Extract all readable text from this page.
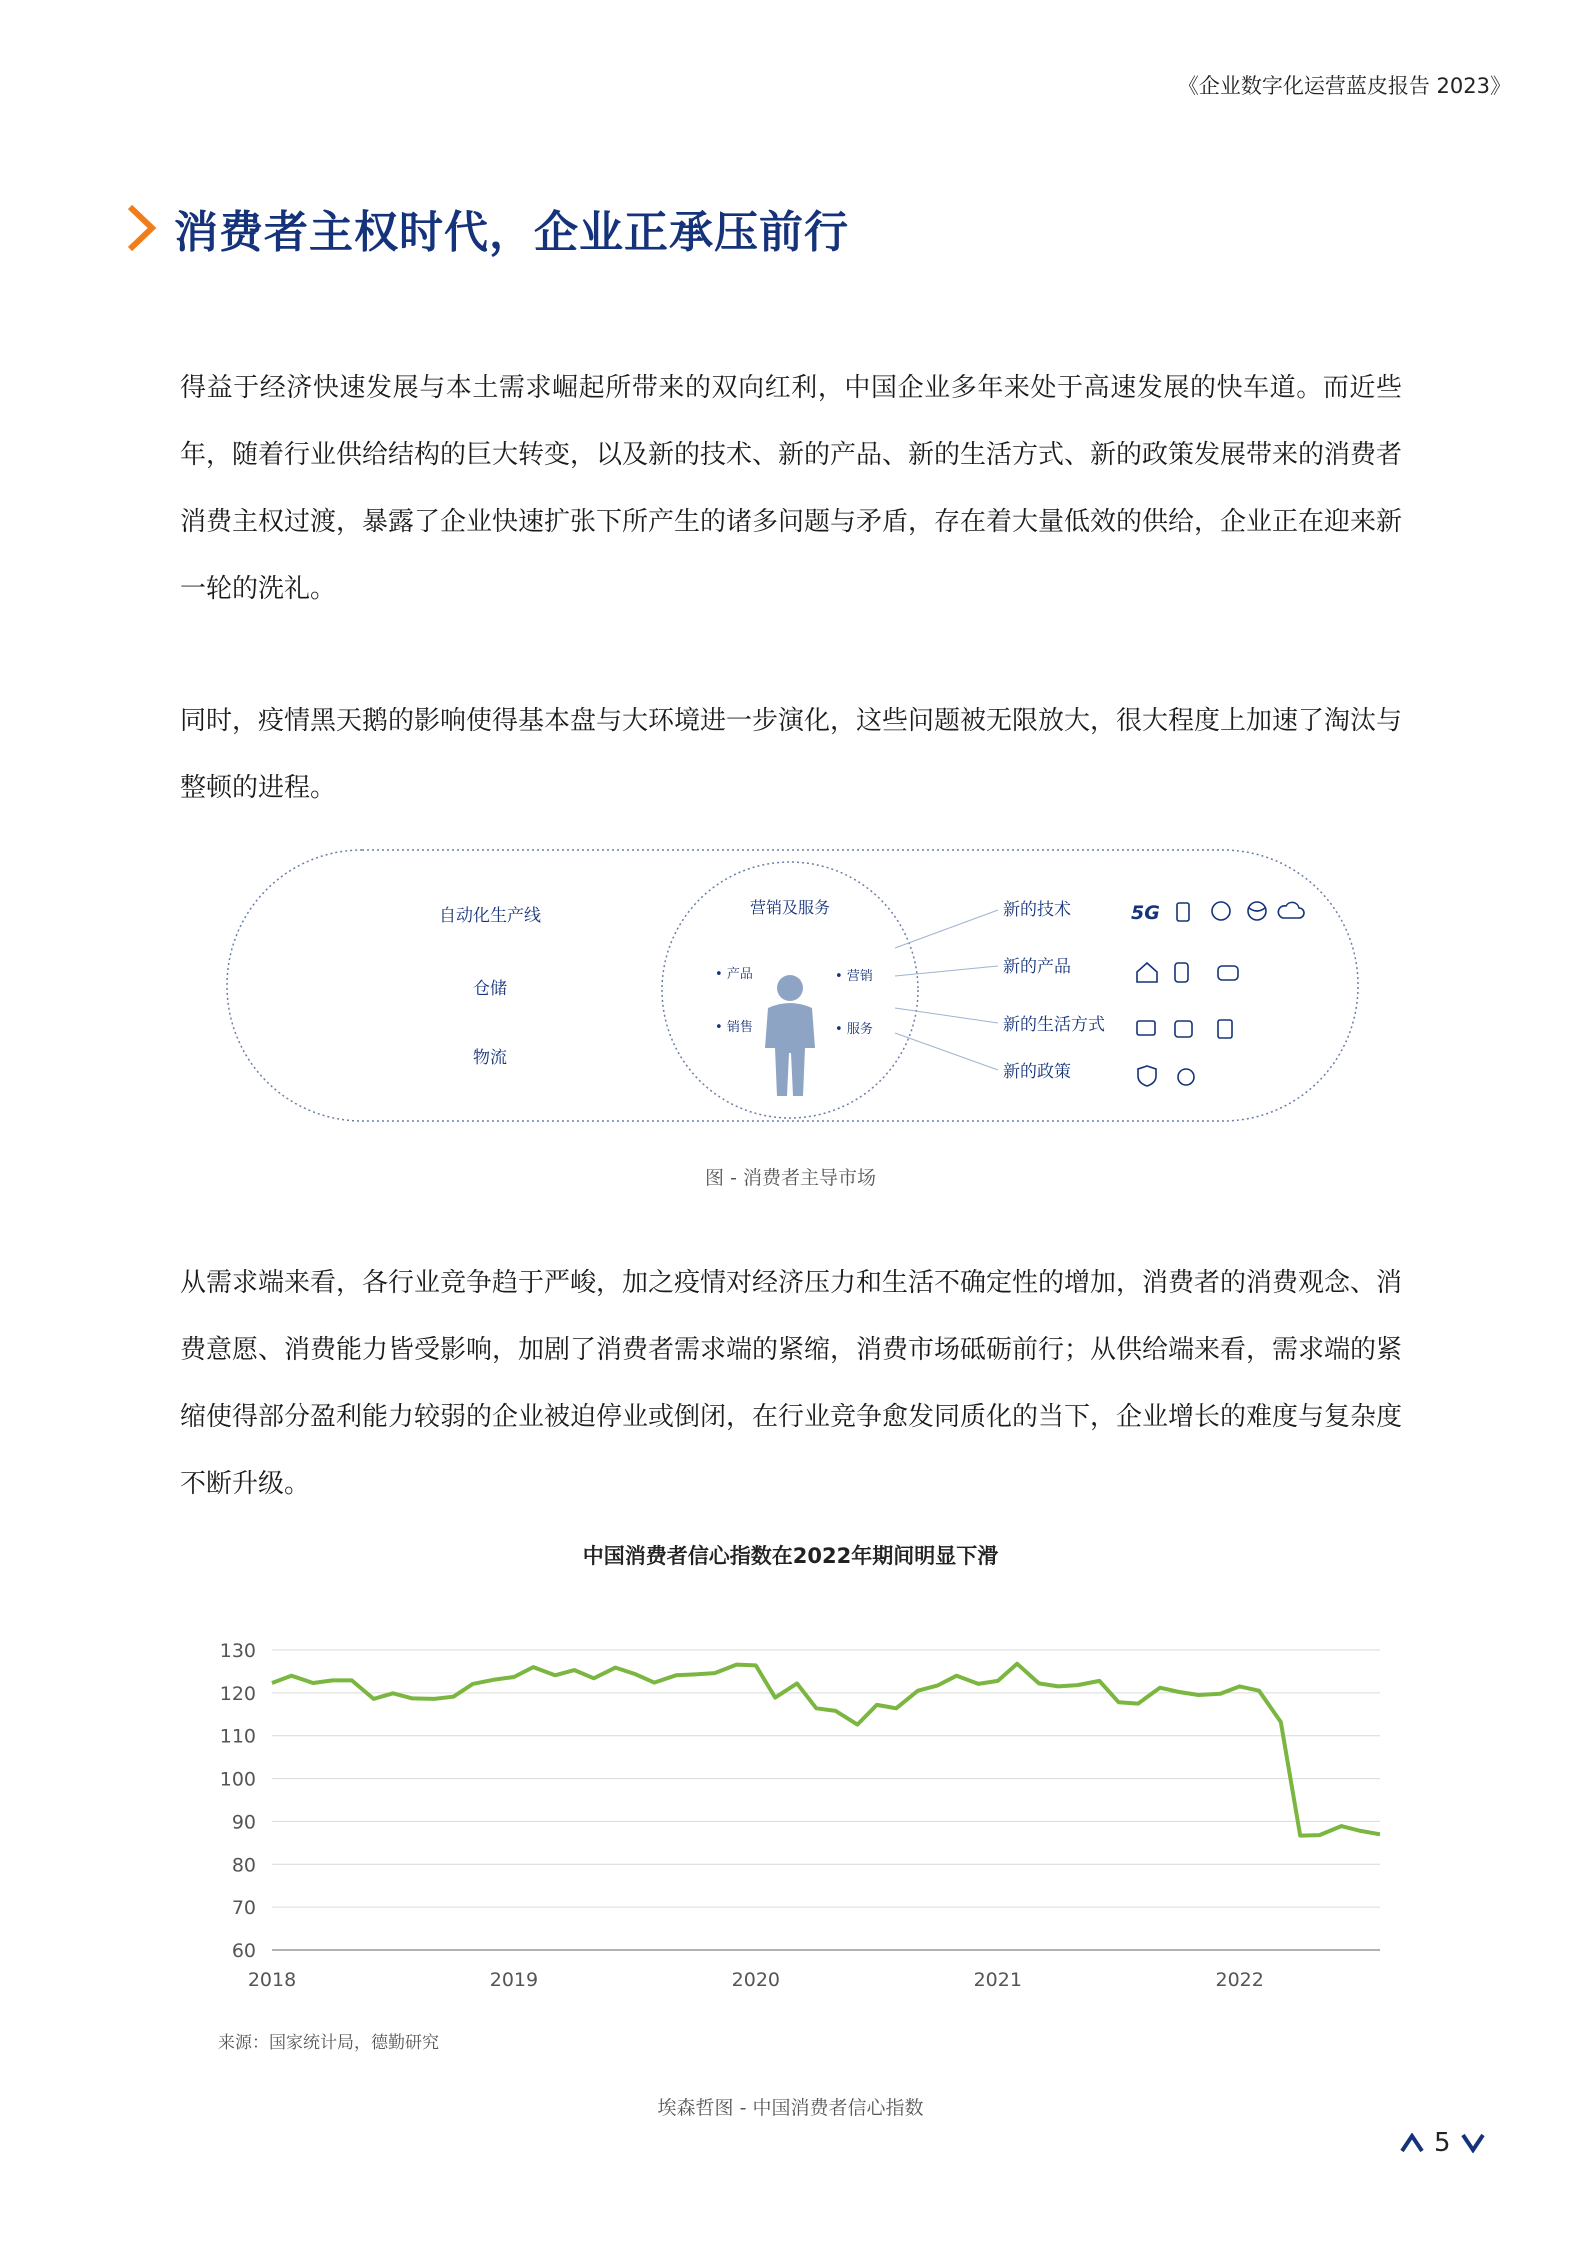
《企业数字化运营蓝皮报告 2023》
消费者主权时代，企业正承压前行
得益于经济快速发展与本土需求崛起所带来的双向红利，中国企业多年来处于高速发展的快车道。而近些年，随着行业供给结构的巨大转变，以及新的技术、新的产品、新的生活方式、新的政策发展带来的消费者消费主权过渡，暴露了企业快速扩张下所产生的诸多问题与矛盾，存在着大量低效的供给，企业正在迎来新一轮的洗礼。
同时，疫情黑天鹅的影响使得基本盘与大环境进一步演化，这些问题被无限放大，很大程度上加速了淘汰与整顿的进程。
自动化生产线
仓储
物流
营销及服务
• 产品	• 营销
• 销售	• 服务
新的技术
新的产品
新的生活方式
新的政策
5G
图 - 消费者主导市场
从需求端来看，各行业竞争趋于严峻，加之疫情对经济压力和生活不确定性的增加，消费者的消费观念、消费意愿、消费能力皆受影响，加剧了消费者需求端的紧缩，消费市场砥砺前行；从供给端来看，需求端的紧缩使得部分盈利能力较弱的企业被迫停业或倒闭，在行业竞争愈发同质化的当下，企业增长的难度与复杂度不断升级。
中国消费者信心指数在2022年期间明显下滑
60
70
80
90
100
110
120
130
2018	2019	2020	2021	2022
来源：国家统计局，德勤研究
埃森哲图 - 中国消费者信心指数
5
